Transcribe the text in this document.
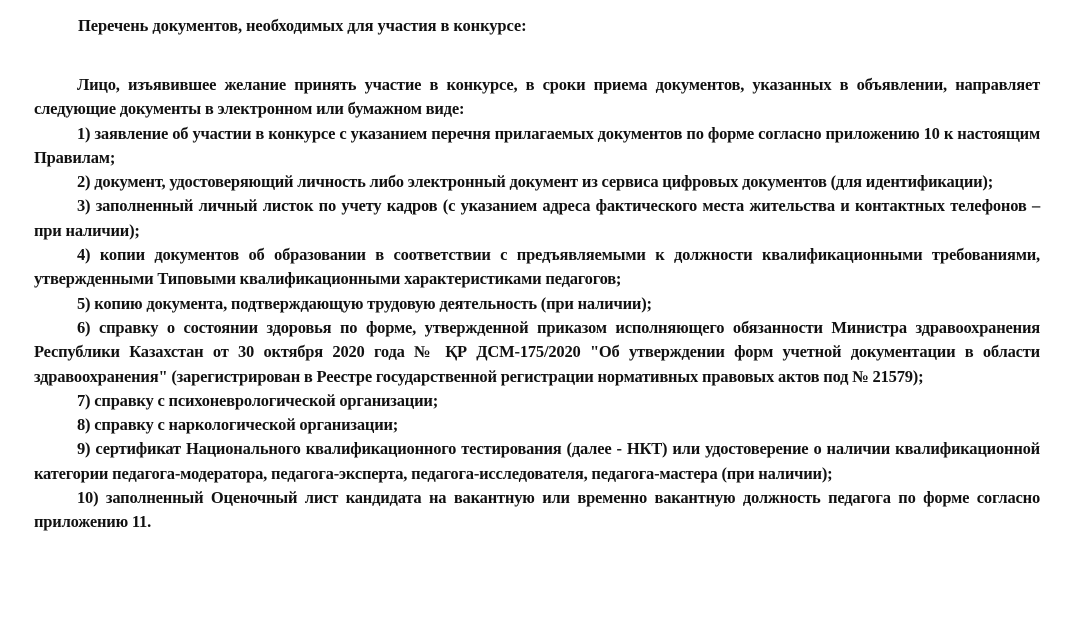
Перечень документов, необходимых для участия в конкурсе:

Лицо, изъявившее желание принять участие в конкурсе, в сроки приема документов, указанных в объявлении, направляет следующие документы в электронном или бумажном виде:

1) заявление об участии в конкурсе с указанием перечня прилагаемых документов по форме согласно приложению 10 к настоящим Правилам;

2) документ, удостоверяющий личность либо электронный документ из сервиса цифровых документов (для идентификации);

3) заполненный личный листок по учету кадров (с указанием адреса фактического места жительства и контактных телефонов – при наличии);

4) копии документов об образовании в соответствии с предъявляемыми к должности квалификационными требованиями, утвержденными Типовыми квалификационными характеристиками педагогов;

5) копию документа, подтверждающую трудовую деятельность (при наличии);

6) справку о состоянии здоровья по форме, утвержденной приказом исполняющего обязанности Министра здравоохранения Республики Казахстан от 30 октября 2020 года № ҚР ДСМ-175/2020 "Об утверждении форм учетной документации в области здравоохранения" (зарегистрирован в Реестре государственной регистрации нормативных правовых актов под № 21579);

7) справку с психоневрологической организации;

8) справку с наркологической организации;

9) сертификат Национального квалификационного тестирования (далее - НКТ) или удостоверение о наличии квалификационной категории педагога-модератора, педагога-эксперта, педагога-исследователя, педагога-мастера (при наличии);

10) заполненный Оценочный лист кандидата на вакантную или временно вакантную должность педагога по форме согласно приложению 11.
